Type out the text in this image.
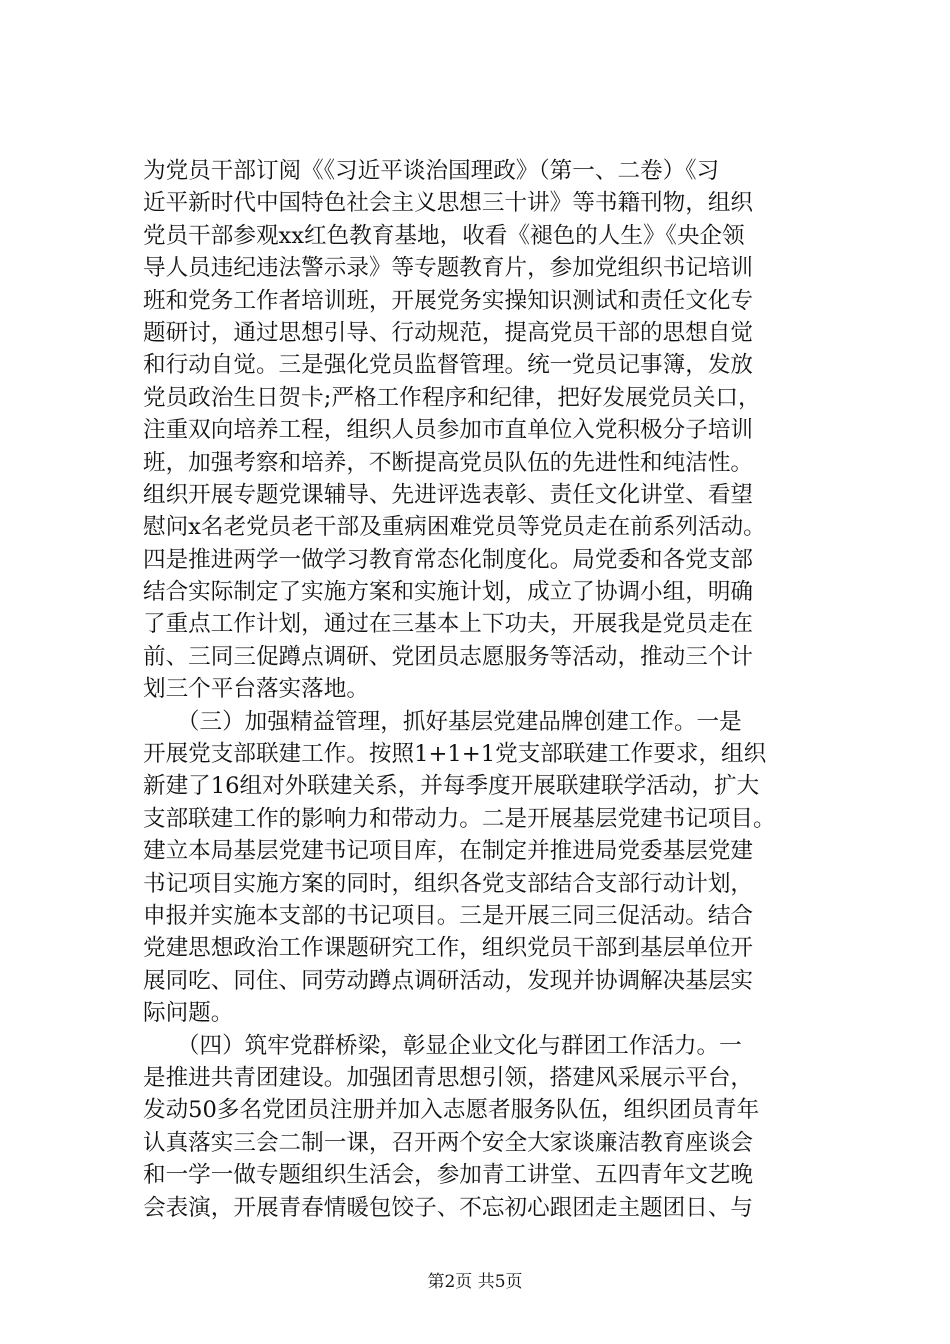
为党员干部订阅《《习近平谈治国理政》（第一、二卷）《习
近平新时代中国特色社会主义思想三十讲》等书籍刊物，组织
党员干部参观xx红色教育基地，收看《褪色的人生》《央企领
导人员违纪违法警示录》等专题教育片，参加党组织书记培训
班和党务工作者培训班，开展党务实操知识测试和责任文化专
题研讨，通过思想引导、行动规范，提高党员干部的思想自觉
和行动自觉。三是强化党员监督管理。统一党员记事簿，发放
党员政治生日贺卡;严格工作程序和纪律，把好发展党员关口，
注重双向培养工程，组织人员参加市直单位入党积极分子培训
班，加强考察和培养，不断提高党员队伍的先进性和纯洁性。
组织开展专题党课辅导、先进评选表彰、责任文化讲堂、看望
慰问x名老党员老干部及重病困难党员等党员走在前系列活动。
四是推进两学一做学习教育常态化制度化。局党委和各党支部
结合实际制定了实施方案和实施计划，成立了协调小组，明确
了重点工作计划，通过在三基本上下功夫，开展我是党员走在
前、三同三促蹲点调研、党团员志愿服务等活动，推动三个计
划三个平台落实落地。
　　（三）加强精益管理，抓好基层党建品牌创建工作。一是
开展党支部联建工作。按照1+1+1党支部联建工作要求，组织
新建了16组对外联建关系，并每季度开展联建联学活动，扩大
支部联建工作的影响力和带动力。二是开展基层党建书记项目。
建立本局基层党建书记项目库，在制定并推进局党委基层党建
书记项目实施方案的同时，组织各党支部结合支部行动计划，
申报并实施本支部的书记项目。三是开展三同三促活动。结合
党建思想政治工作课题研究工作，组织党员干部到基层单位开
展同吃、同住、同劳动蹲点调研活动，发现并协调解决基层实
际问题。
　　（四）筑牢党群桥梁，彰显企业文化与群团工作活力。一
是推进共青团建设。加强团青思想引领，搭建风采展示平台，
发动50多名党团员注册并加入志愿者服务队伍，组织团员青年
认真落实三会二制一课，召开两个安全大家谈廉洁教育座谈会
和一学一做专题组织生活会，参加青工讲堂、五四青年文艺晚
会表演，开展青春情暖包饺子、不忘初心跟团走主题团日、与
第2页 共5页
